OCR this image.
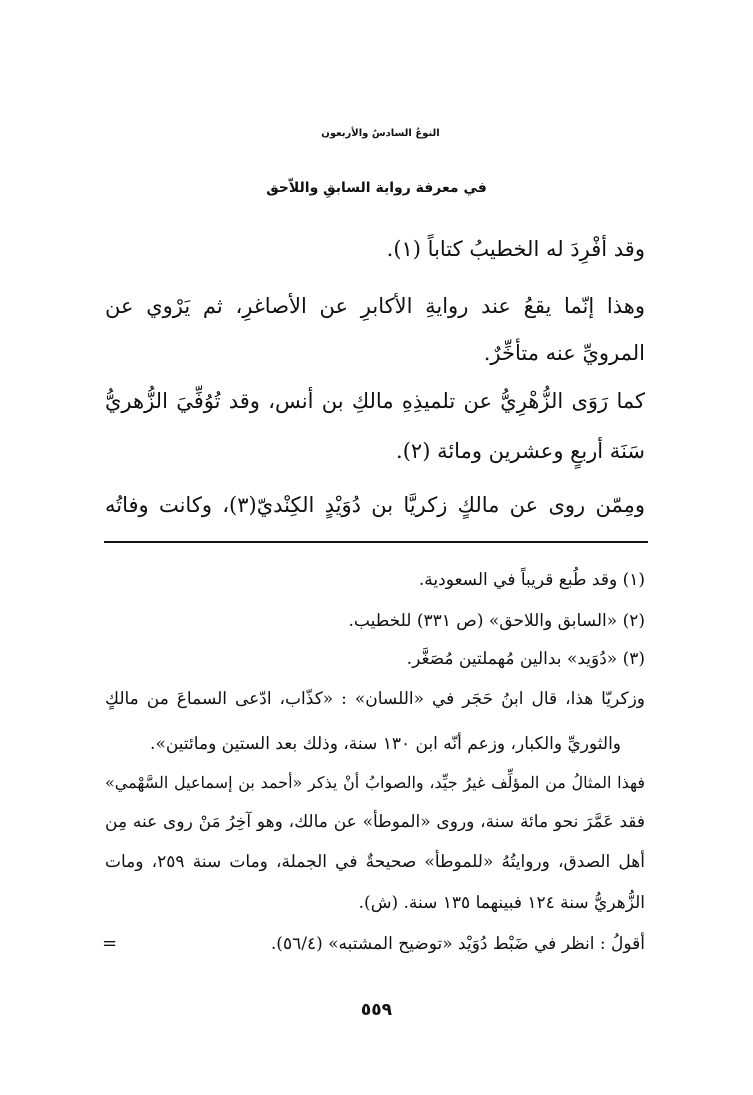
النوعُ السادسُ والأربعون
في معرفة رواية السابقِ واللاّحق
وقد أفْرِدَ له الخطيبُ كتاباً (١).
وهذا إنّما يقعُ عند روايةِ الأكابرِ عن الأصاغرِ، ثم يَرْوي عن
المرويِّ عنه متأخِّرٌ.
كما رَوَى الزُّهْرِيُّ عن تلميذِهِ مالكِ بن أنس، وقد تُوُفِّيَ الزُّهريُّ
سَنَة أربعٍ وعشرين ومائة (٢).
ومِمّن روى عن مالكٍ زكريَّا بن دُوَيْدٍ الكِنْديّ(٣)، وكانت وفاتُه
(١) وقد طُبع قريباً في السعودية.
(٢) «السابق واللاحق» (ص ٣٣١) للخطيب.
(٣) «دُوَيد» بدالين مُهملتين مُصَغَّر.
وزكريّا هذا، قال ابنُ حَجَر في «اللسان» : «كذّاب، ادّعى السماعَ من مالكٍ
والثوريِّ والكبار، وزعم أنّه ابن ١٣٠ سنة، وذلك بعد الستين ومائتين».
فهذا المثالُ من المؤلِّف غيرُ جيِّد، والصوابُ أنْ يذكر «أحمد بن إسماعيل السَّهْمي»
فقد عَمَّرَ نحو مائة سنة، وروى «الموطأ» عن مالك، وهو آخِرُ مَنْ روى عنه مِن
أهل الصدق، وروايتُهُ «للموطأ» صحيحةٌ في الجملة، ومات سنة ٢٥٩، ومات
الزُّهريُّ سنة ١٢٤ فبينهما ١٣٥ سنة. (ش).
أقولُ : انظر في ضَبْط دُوَيْد «توضيح المشتبه» (٥٦/٤).
=
٥٥٩
